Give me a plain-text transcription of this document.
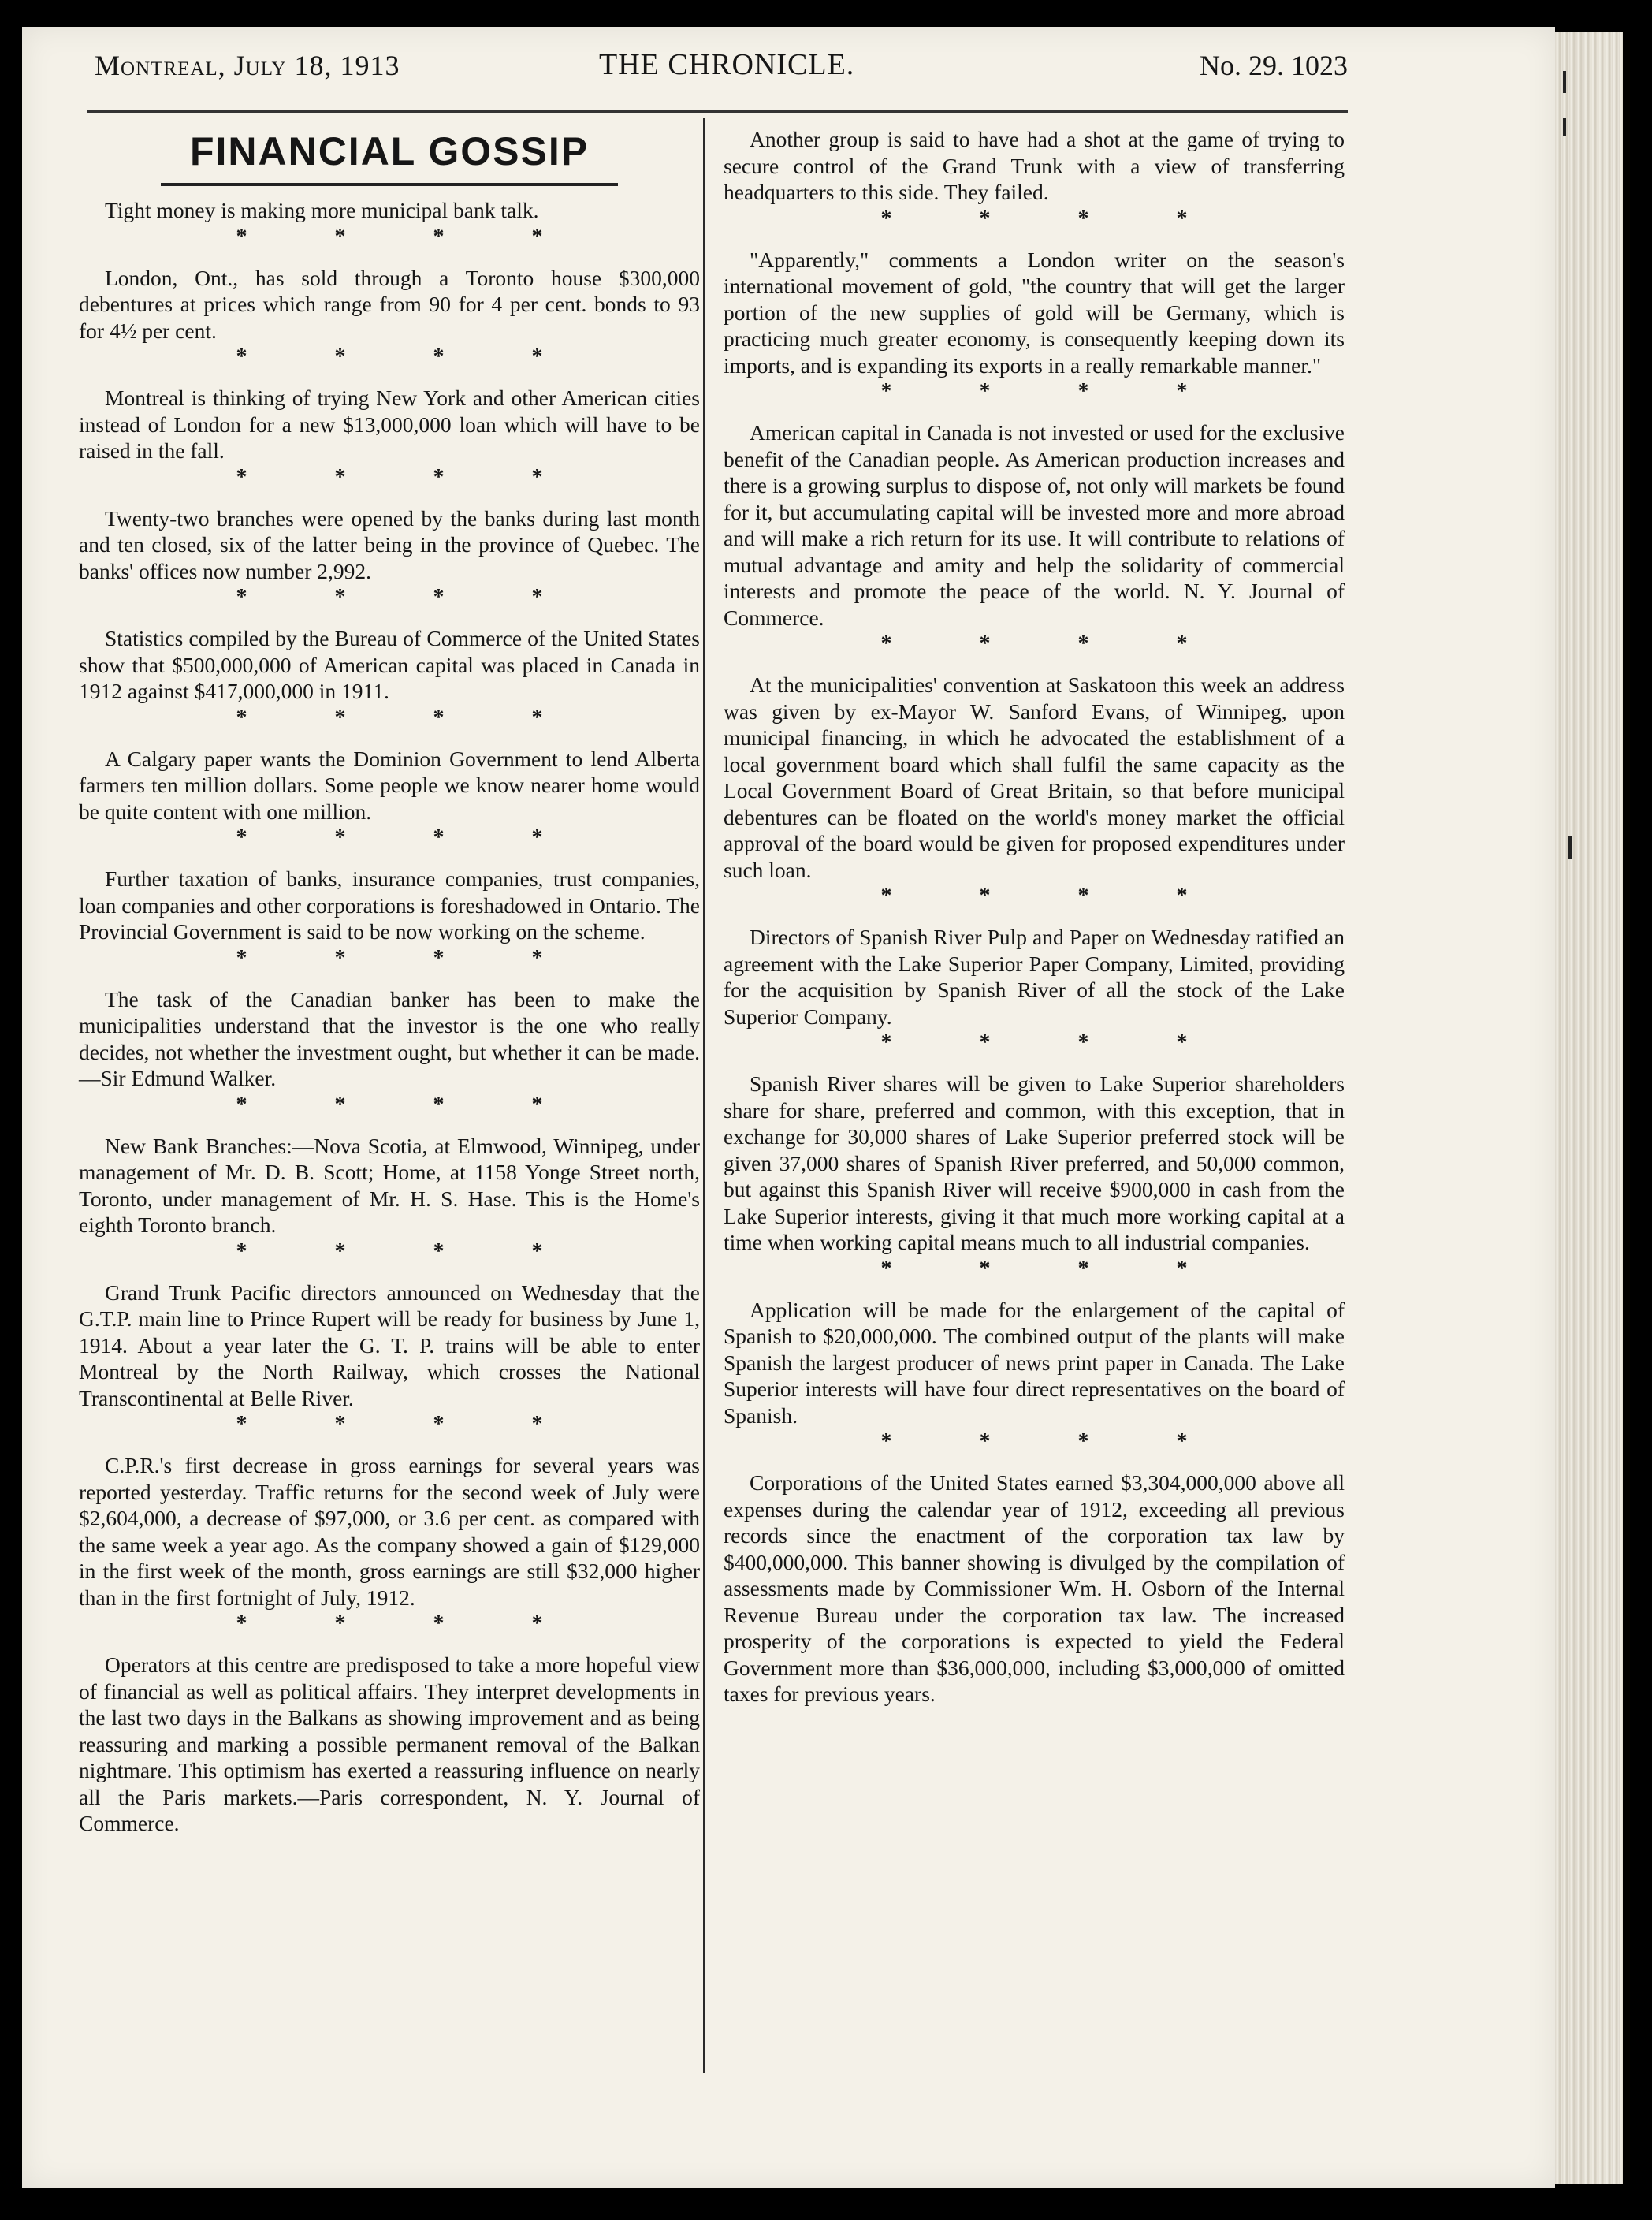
Montreal, July 18, 1913	THE CHRONICLE.	No. 29. 1023
FINANCIAL GOSSIP

Tight money is making more municipal bank talk.

* * * *

London, Ont., has sold through a Toronto house $300,000 debentures at prices which range from 90 for 4 per cent. bonds to 93 for 4½ per cent.

* * * *

Montreal is thinking of trying New York and other American cities instead of London for a new $13,000,000 loan which will have to be raised in the fall.

* * * *

Twenty-two branches were opened by the banks during last month and ten closed, six of the latter being in the province of Quebec. The banks' offices now number 2,992.

* * * *

Statistics compiled by the Bureau of Commerce of the United States show that $500,000,000 of American capital was placed in Canada in 1912 against $417,000,000 in 1911.

* * * *

A Calgary paper wants the Dominion Government to lend Alberta farmers ten million dollars. Some people we know nearer home would be quite content with one million.

* * * *

Further taxation of banks, insurance companies, trust companies, loan companies and other corporations is foreshadowed in Ontario. The Provincial Government is said to be now working on the scheme.

* * * *

The task of the Canadian banker has been to make the municipalities understand that the investor is the one who really decides, not whether the investment ought, but whether it can be made.—Sir Edmund Walker.

* * * *

New Bank Branches:—Nova Scotia, at Elmwood, Winnipeg, under management of Mr. D. B. Scott; Home, at 1158 Yonge Street north, Toronto, under management of Mr. H. S. Hase. This is the Home's eighth Toronto branch.

* * * *

Grand Trunk Pacific directors announced on Wednesday that the G.T.P. main line to Prince Rupert will be ready for business by June 1, 1914. About a year later the G. T. P. trains will be able to enter Montreal by the North Railway, which crosses the National Transcontinental at Belle River.

* * * *

C.P.R.'s first decrease in gross earnings for several years was reported yesterday. Traffic returns for the second week of July were $2,604,000, a decrease of $97,000, or 3.6 per cent. as compared with the same week a year ago. As the company showed a gain of $129,000 in the first week of the month, gross earnings are still $32,000 higher than in the first fortnight of July, 1912.

* * * *

Operators at this centre are predisposed to take a more hopeful view of financial as well as political affairs. They interpret developments in the last two days in the Balkans as showing improvement and as being reassuring and marking a possible permanent removal of the Balkan nightmare. This optimism has exerted a reassuring influence on nearly all the Paris markets.—Paris correspondent, N. Y. Journal of Commerce.

Another group is said to have had a shot at the game of trying to secure control of the Grand Trunk with a view of transferring headquarters to this side. They failed.

* * * *

"Apparently," comments a London writer on the season's international movement of gold, "the country that will get the larger portion of the new supplies of gold will be Germany, which is practicing much greater economy, is consequently keeping down its imports, and is expanding its exports in a really remarkable manner."

* * * *

American capital in Canada is not invested or used for the exclusive benefit of the Canadian people. As American production increases and there is a growing surplus to dispose of, not only will markets be found for it, but accumulating capital will be invested more and more abroad and will make a rich return for its use. It will contribute to relations of mutual advantage and amity and help the solidarity of commercial interests and promote the peace of the world. N. Y. Journal of Commerce.

* * * *

At the municipalities' convention at Saskatoon this week an address was given by ex-Mayor W. Sanford Evans, of Winnipeg, upon municipal financing, in which he advocated the establishment of a local government board which shall fulfil the same capacity as the Local Government Board of Great Britain, so that before municipal debentures can be floated on the world's money market the official approval of the board would be given for proposed expenditures under such loan.

* * * *

Directors of Spanish River Pulp and Paper on Wednesday ratified an agreement with the Lake Superior Paper Company, Limited, providing for the acquisition by Spanish River of all the stock of the Lake Superior Company.

* * * *

Spanish River shares will be given to Lake Superior shareholders share for share, preferred and common, with this exception, that in exchange for 30,000 shares of Lake Superior preferred stock will be given 37,000 shares of Spanish River preferred, and 50,000 common, but against this Spanish River will receive $900,000 in cash from the Lake Superior interests, giving it that much more working capital at a time when working capital means much to all industrial companies.

* * * *

Application will be made for the enlargement of the capital of Spanish to $20,000,000. The combined output of the plants will make Spanish the largest producer of news print paper in Canada. The Lake Superior interests will have four direct representatives on the board of Spanish.

* * * *

Corporations of the United States earned $3,304,000,000 above all expenses during the calendar year of 1912, exceeding all previous records since the enactment of the corporation tax law by $400,000,000. This banner showing is divulged by the compilation of assessments made by Commissioner Wm. H. Osborn of the Internal Revenue Bureau under the corporation tax law. The increased prosperity of the corporations is expected to yield the Federal Government more than $36,000,000, including $3,000,000 of omitted taxes for previous years.
